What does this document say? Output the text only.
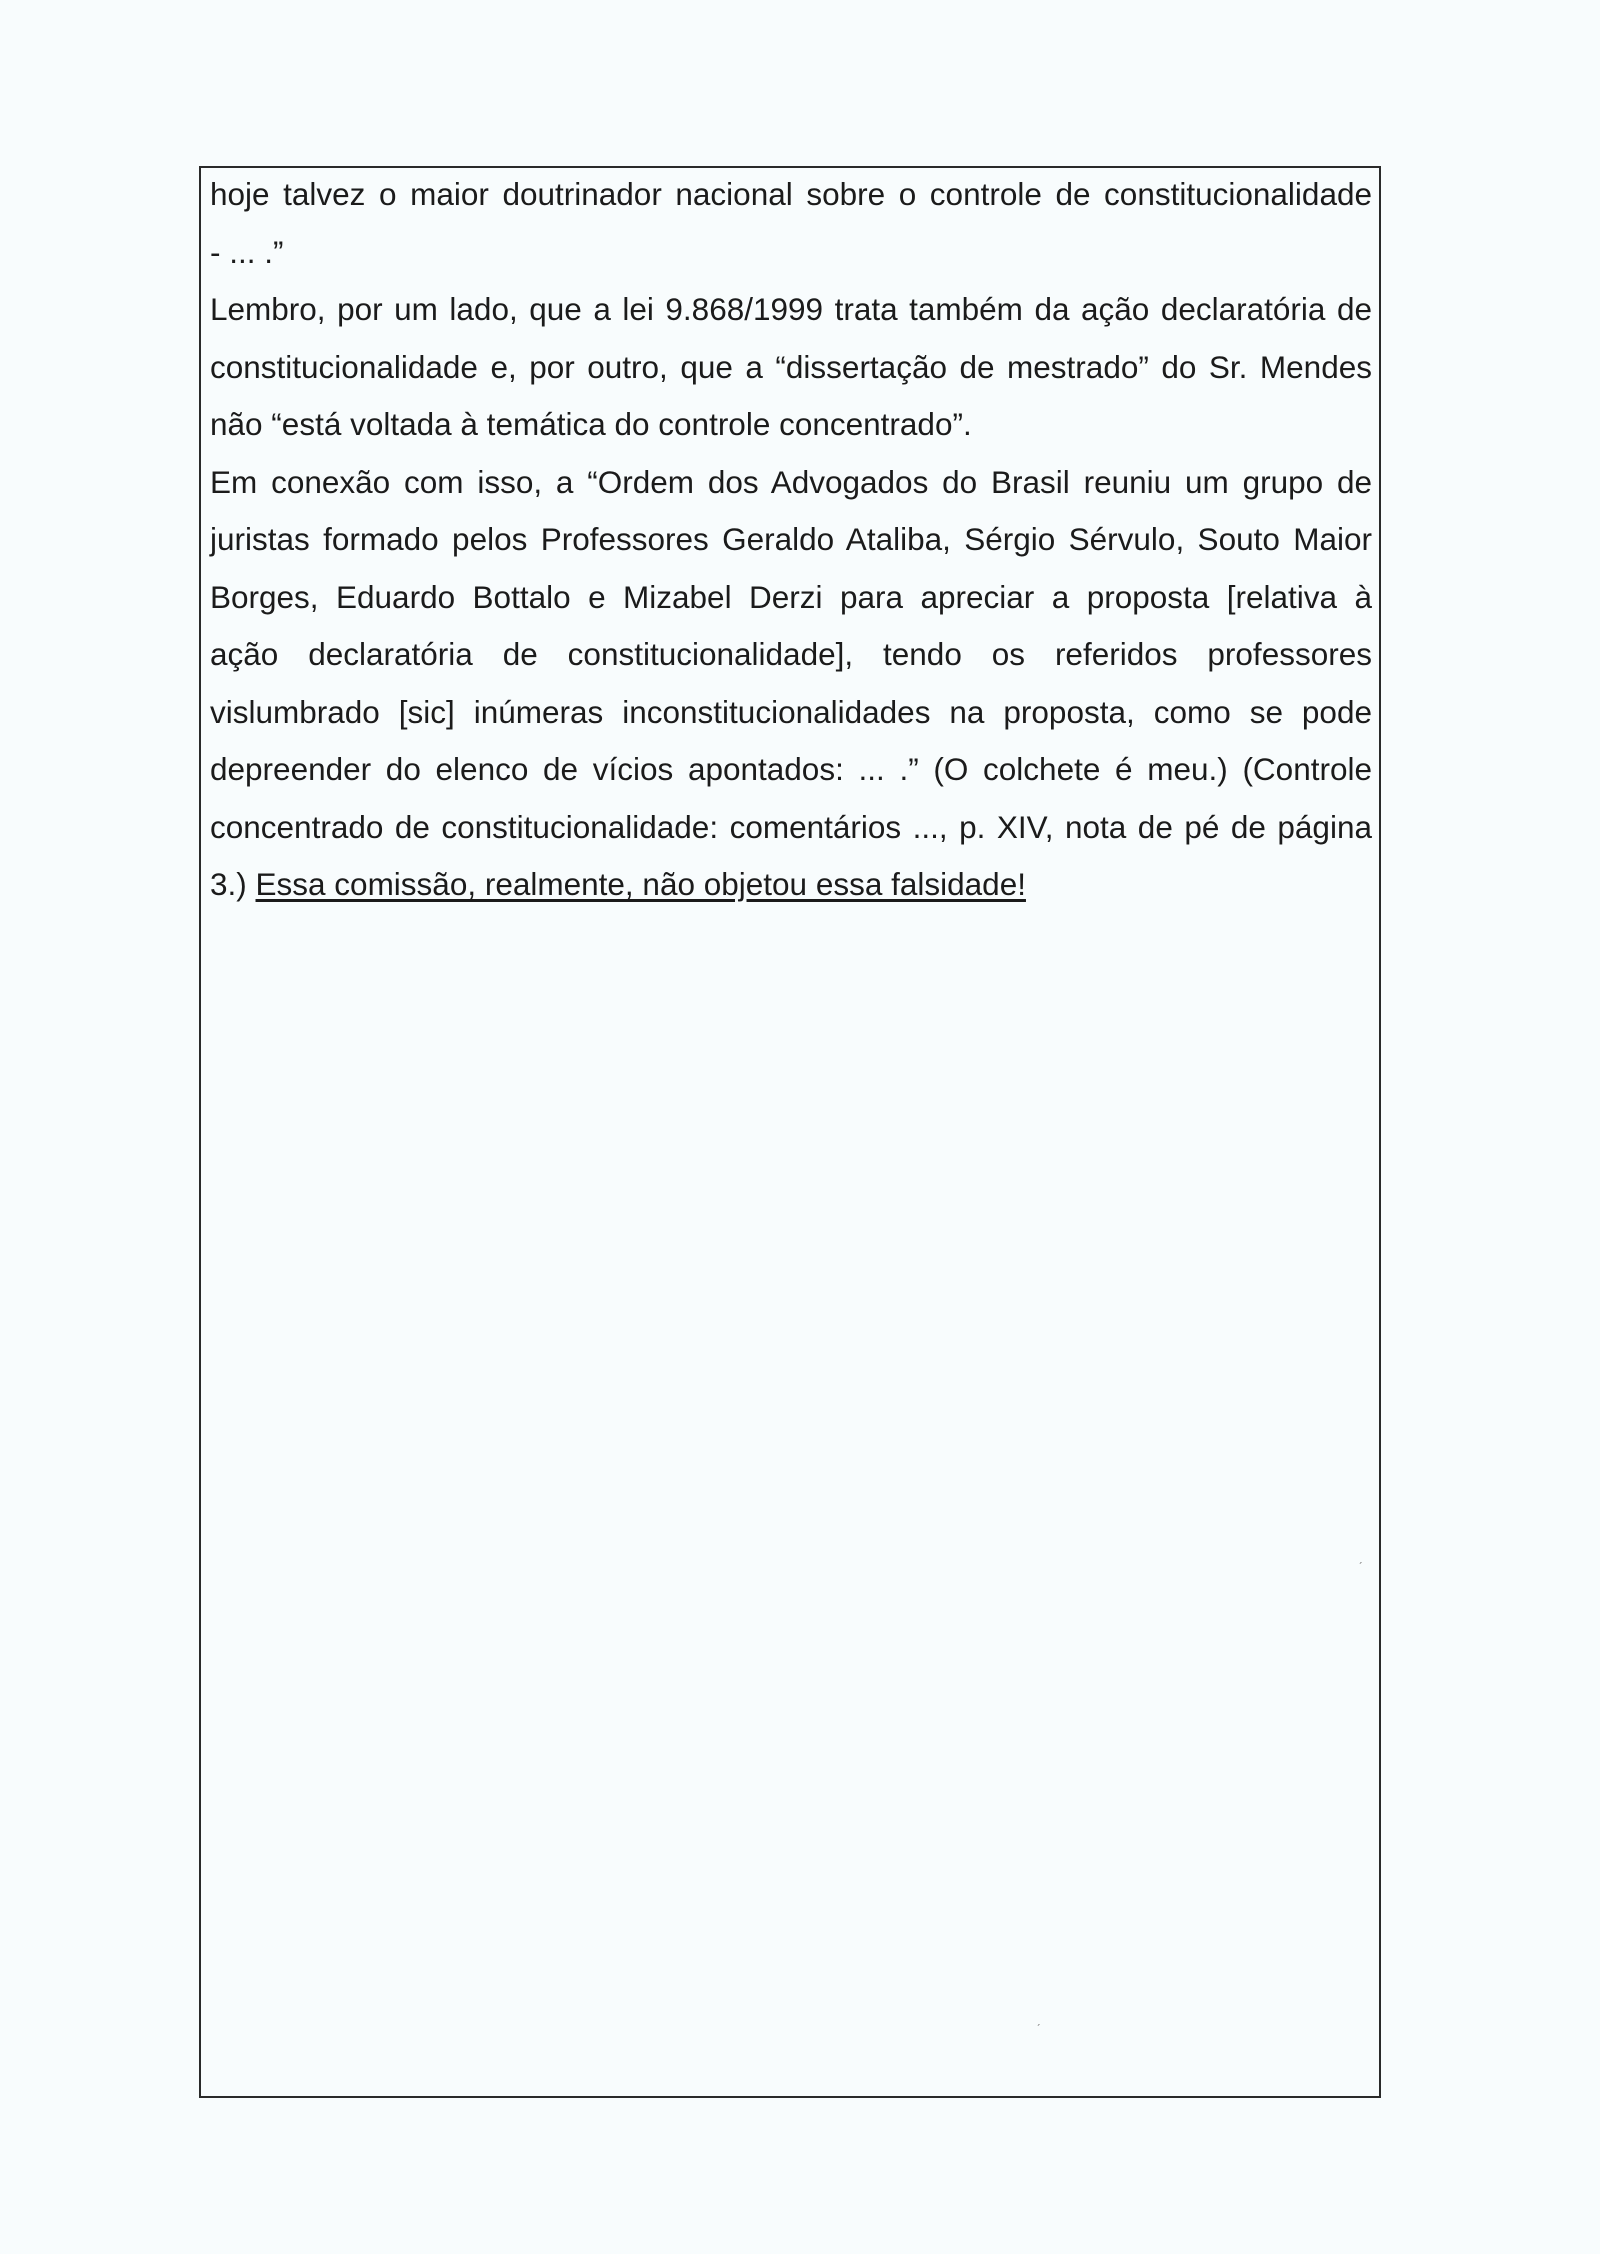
hoje talvez o maior doutrinador nacional sobre o controle de constitucionalidade
- ... .”
Lembro, por um lado, que a lei 9.868/1999 trata também da ação declaratória de
constitucionalidade e, por outro, que a “dissertação de mestrado” do Sr. Mendes
não “está voltada à temática do controle concentrado”.
Em conexão com isso, a “Ordem dos Advogados do Brasil reuniu um grupo de
juristas formado pelos Professores Geraldo Ataliba, Sérgio Sérvulo, Souto Maior
Borges, Eduardo Bottalo e Mizabel Derzi para apreciar a proposta [relativa à
ação declaratória de constitucionalidade], tendo os referidos professores
vislumbrado [sic] inúmeras inconstitucionalidades na proposta, como se pode
depreender do elenco de vícios apontados: ... .” (O colchete é meu.) (Controle
concentrado de constitucionalidade: comentários ..., p. XIV, nota de pé de página
3.) Essa comissão, realmente, não objetou essa falsidade!
ˏ
ˏ
